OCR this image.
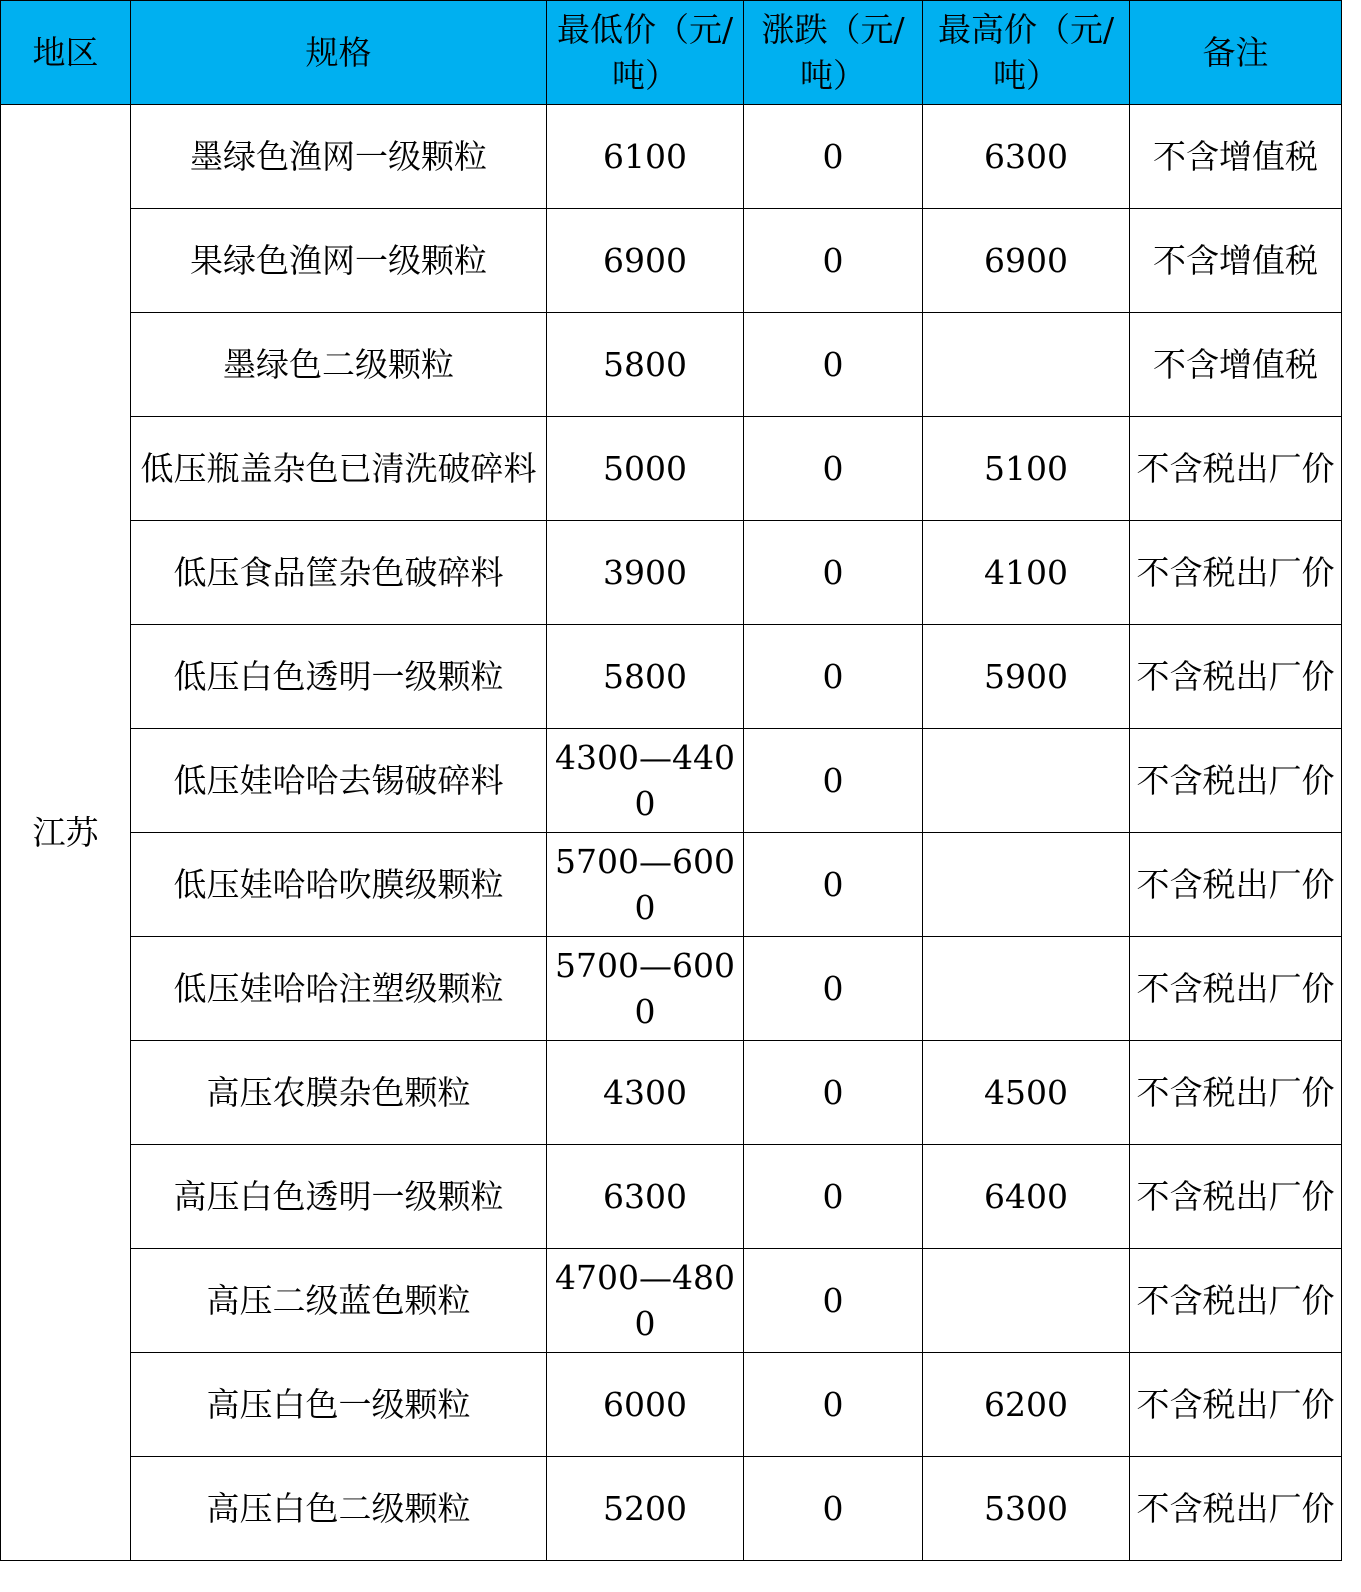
地区	规格	最低价（元/吨）	涨跌（元/吨）	最高价（元/吨）	备注
江苏	墨绿色渔网一级颗粒	6100	0	6300	不含增值税
	果绿色渔网一级颗粒	6900	0	6900	不含增值税
	墨绿色二级颗粒	5800	0		不含增值税
	低压瓶盖杂色已清洗破碎料	5000	0	5100	不含税出厂价
	低压食品筐杂色破碎料	3900	0	4100	不含税出厂价
	低压白色透明一级颗粒	5800	0	5900	不含税出厂价
	低压娃哈哈去锡破碎料	4300—4400	0		不含税出厂价
	低压娃哈哈吹膜级颗粒	5700—6000	0		不含税出厂价
	低压娃哈哈注塑级颗粒	5700—6000	0		不含税出厂价
	高压农膜杂色颗粒	4300	0	4500	不含税出厂价
	高压白色透明一级颗粒	6300	0	6400	不含税出厂价
	高压二级蓝色颗粒	4700—4800	0		不含税出厂价
	高压白色一级颗粒	6000	0	6200	不含税出厂价
	高压白色二级颗粒	5200	0	5300	不含税出厂价
